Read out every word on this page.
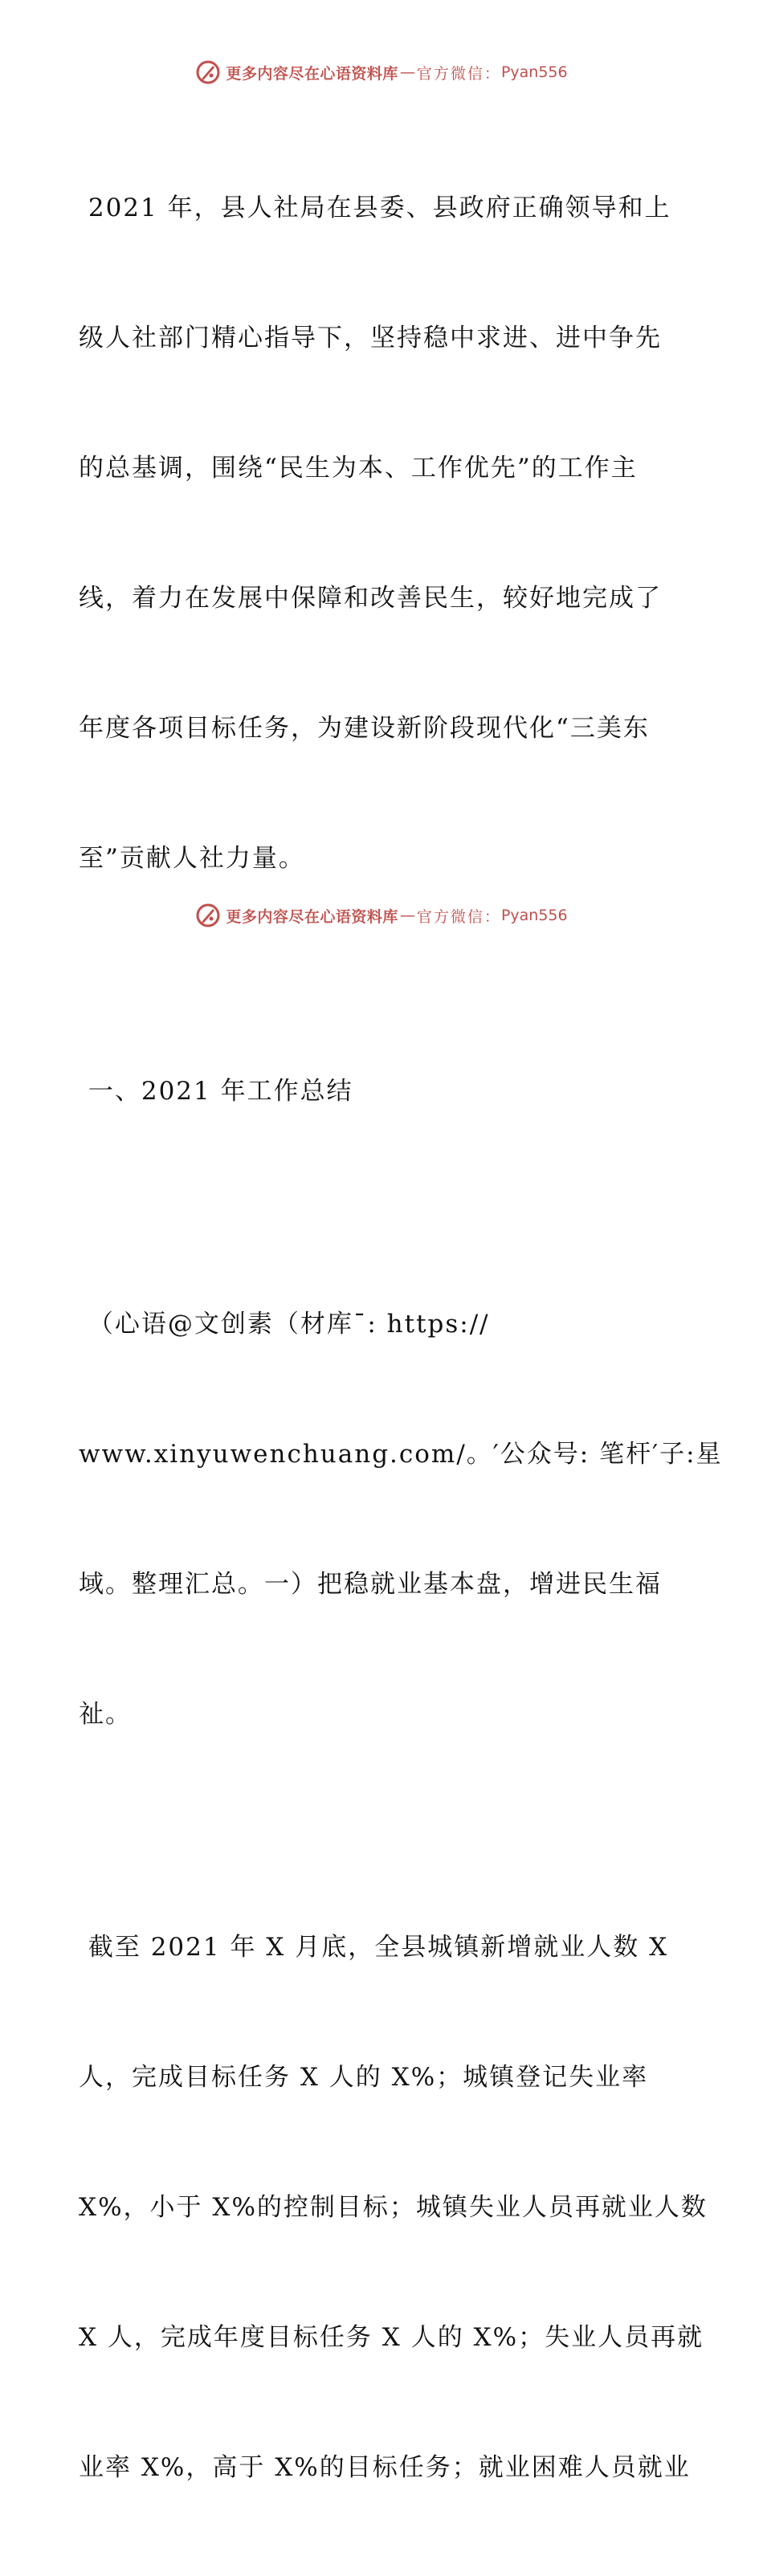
更多内容尽在心语资料库 — 官方微信： Pyan556

2021 年，县人社局在县委、县政府正确领导和上

级人社部门精心指导下，坚持稳中求进、进中争先

的总基调，围绕“民生为本、工作优先”的工作主

线，着力在发展中保障和改善民生，较好地完成了

年度各项目标任务，为建设新阶段现代化“三美东

至”贡献人社力量。

一、2021 年工作总结

（心语@文创素（材库¯: https://

www.xinyuwenchuang.com/。′公众号: 笔杆′子:星

域。整理汇总。一）把稳就业基本盘，增进民生福

祉。

截至 2021 年 X 月底，全县城镇新增就业人数 X

人，完成目标任务 X 人的 X%；城镇登记失业率

X%，小于 X%的控制目标；城镇失业人员再就业人数

X 人，完成年度目标任务 X 人的 X%；失业人员再就

业率 X%，高于 X%的目标任务；就业困难人员就业

更多内容尽在心语资料库 — 官方微信： Pyan556
